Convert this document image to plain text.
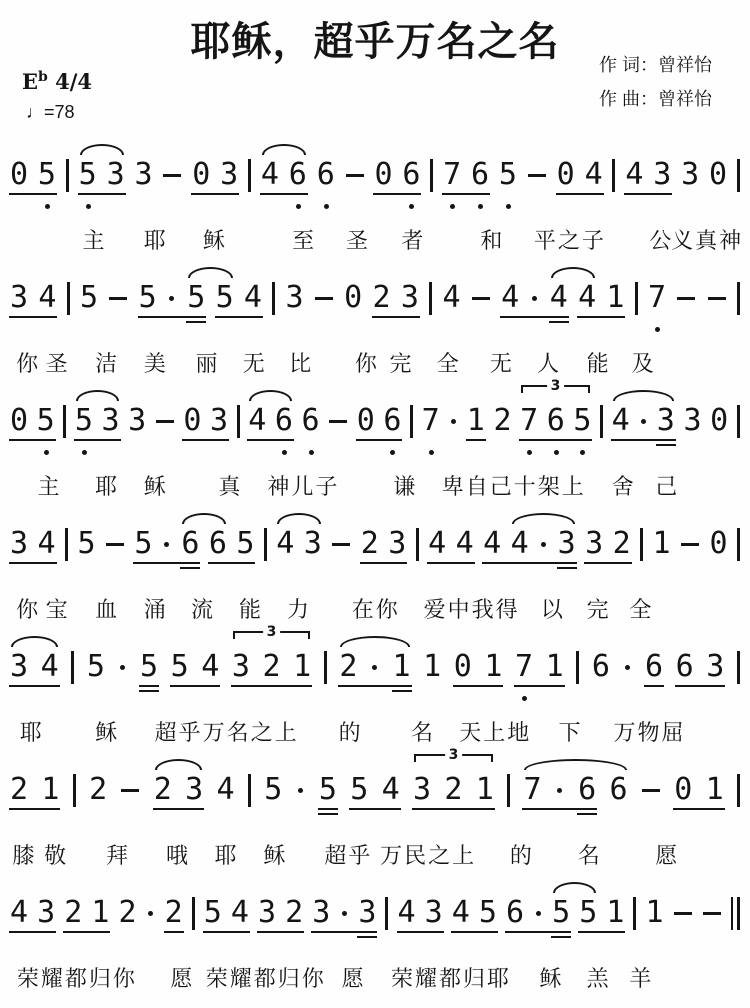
耶稣，超乎万名之名	作 词：曾祥怡
作 曲：曾祥怡
$E^b$ 4/4
♩=78
0 5 5 3 3 0 3 4 6 6 0 6 7 6 5 0 4 4 3 3 0
主 耶 稣	至 圣 者 和 平之子 公
义真神
3 4 5 5 5 5 4 3 0 2 3 4 4 4 4 1 7
你 圣 洁 美 丽 无 比 你 完 全 无 人 能 及
0 5 5 3 3 0 3 4 6 6 0 6 7 1 2 7 6 5 4 3 3 0
3
主 耶 稣 真 神儿子 谦 卑自己十架上 舍 己
3 4 5 5 6 6 5 4 3 2 3 4 4 4 4 3 3 2 1 0
你 宝 血 涌 流 能 力 在你 爱中我得 以 完 全
3 4 5 5 5 4 3 2 1 2 1 1 0 1 7 1 6 6 6 3
3
耶 稣 超乎万名之上 的 名 天上地 下 万物屈
2 1 2 2 3 4 5 5 5 4 3 2 1 7 6 6 0 1
3
膝 敬 拜 哦 耶 稣 超乎 万民之上 的 名 愿
4 3 2 1 2 2 5 4 3 2 3 3 4 3 4 5 6 5 5 1 1
荣耀都归你 愿 荣耀都归你 愿 荣耀都归耶 稣 羔 羊
